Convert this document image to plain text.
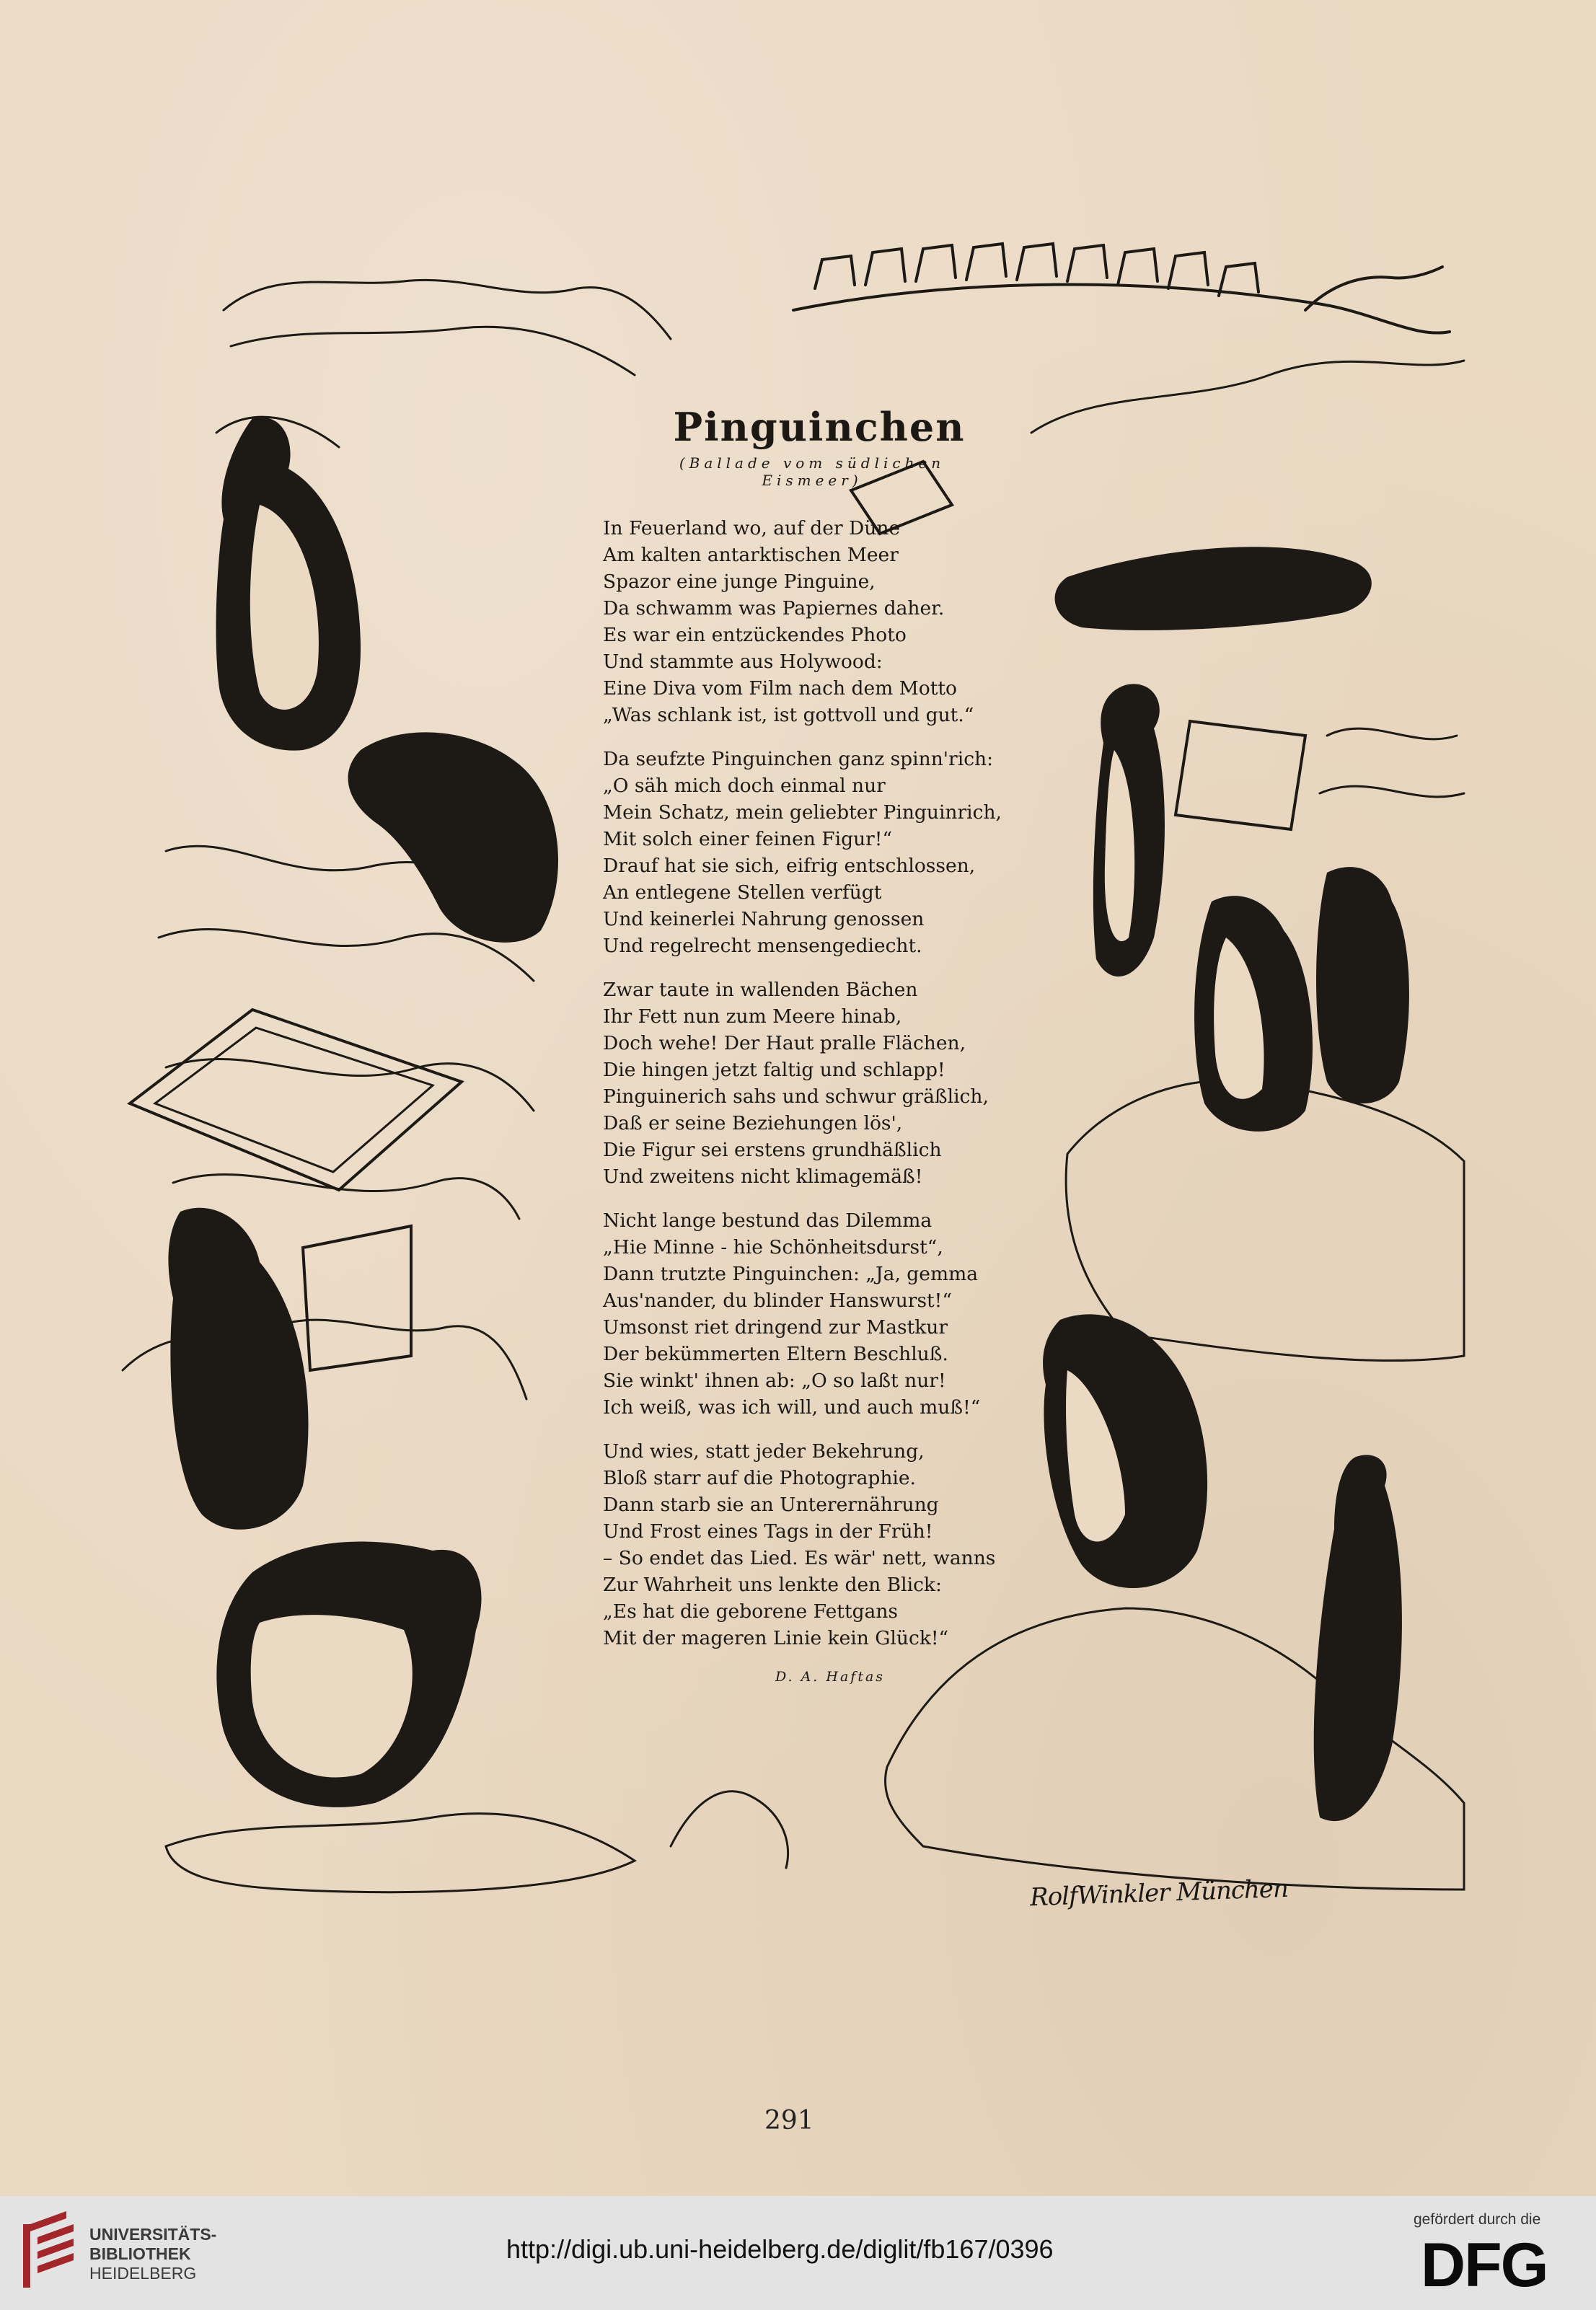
Pinguinchen
(Ballade vom südlichen Eismeer)
In Feuerland wo, auf der Düne
Am kalten antarktischen Meer
Spazor eine junge Pinguine,
Da schwamm was Papiernes daher.
Es war ein entzückendes Photo
Und stammte aus Holywood:
Eine Diva vom Film nach dem Motto
„Was schlank ist, ist gottvoll und gut.“
Da seufzte Pinguinchen ganz spinn'rich:
„O säh mich doch einmal nur
Mein Schatz, mein geliebter Pinguinrich,
Mit solch einer feinen Figur!“
Drauf hat sie sich, eifrig entschlossen,
An entlegene Stellen verfügt
Und keinerlei Nahrung genossen
Und regelrecht mensengediecht.
Zwar taute in wallenden Bächen
Ihr Fett nun zum Meere hinab,
Doch wehe! Der Haut pralle Flächen,
Die hingen jetzt faltig und schlapp!
Pinguinerich sahs und schwur gräßlich,
Daß er seine Beziehungen lös',
Die Figur sei erstens grundhäßlich
Und zweitens nicht klimagemäß!
Nicht lange bestund das Dilemma
„Hie Minne - hie Schönheitsdurst“,
Dann trutzte Pinguinchen: „Ja, gemma
Aus'nander, du blinder Hanswurst!“
Umsonst riet dringend zur Mastkur
Der bekümmerten Eltern Beschluß.
Sie winkt' ihnen ab: „O so laßt nur!
Ich weiß, was ich will, und auch muß!“
Und wies, statt jeder Bekehrung,
Bloß starr auf die Photographie.
Dann starb sie an Unterernährung
Und Frost eines Tags in der Früh!
– So endet das Lied. Es wär' nett, wanns
Zur Wahrheit uns lenkte den Blick:
„Es hat die geborene Fettgans
Mit der mageren Linie kein Glück!“
D. A. Haftas
RolfWinkler München
291
UNIVERSITÄTS-
BIBLIOTHEK
HEIDELBERG
http://digi.ub.uni-heidelberg.de/diglit/fb167/0396
gefördert durch die
DFG
